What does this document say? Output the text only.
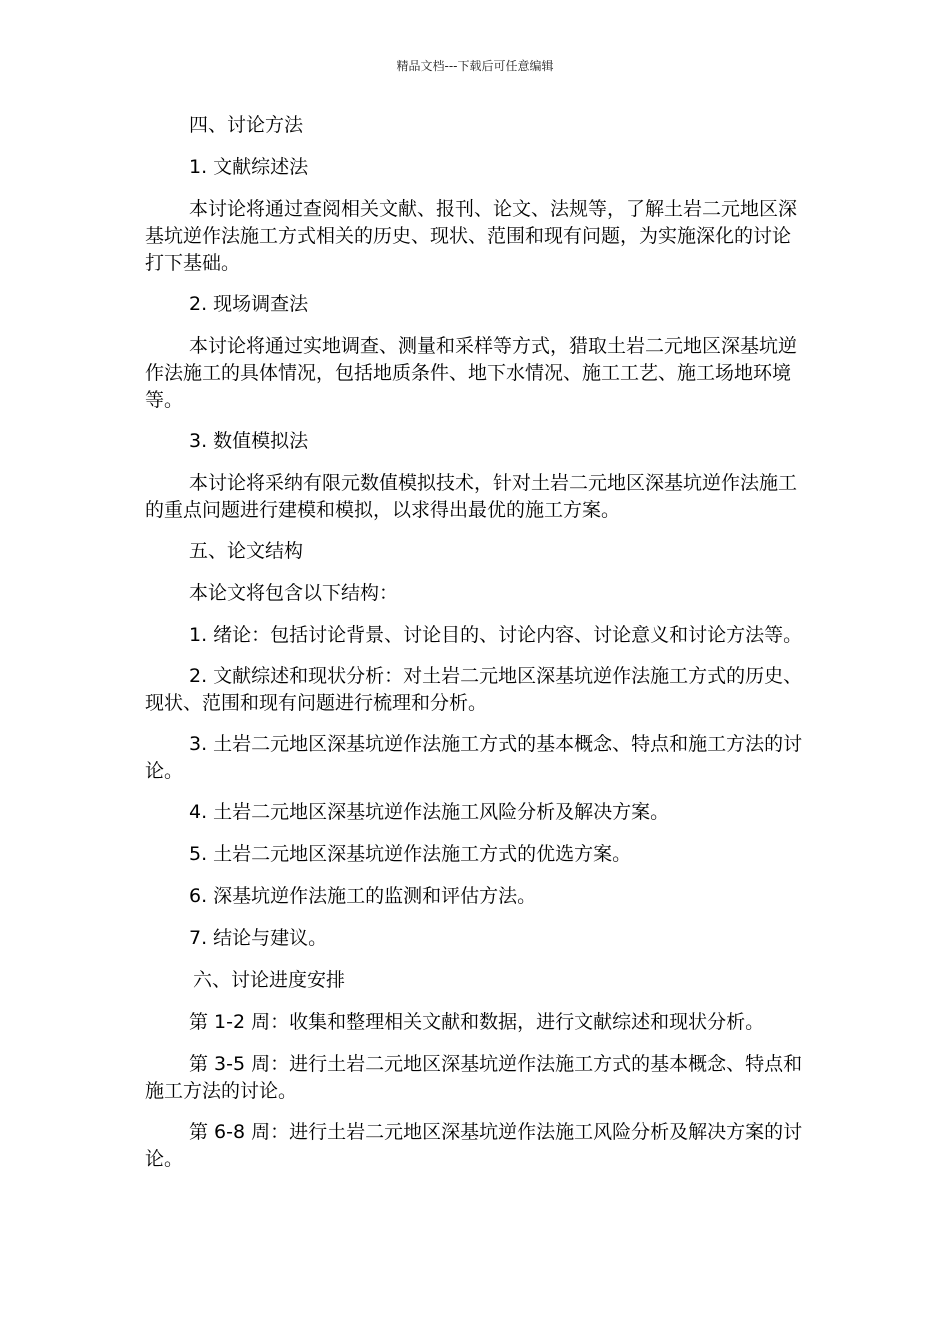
精品文档---下载后可任意编辑

四、讨论方法

1. 文献综述法

本讨论将通过查阅相关文献、报刊、论文、法规等，了解土岩二元地区深基坑逆作法施工方式相关的历史、现状、范围和现有问题，为实施深化的讨论打下基础。

2. 现场调查法

本讨论将通过实地调查、测量和采样等方式，猎取土岩二元地区深基坑逆作法施工的具体情况，包括地质条件、地下水情况、施工工艺、施工场地环境等。

3. 数值模拟法

本讨论将采纳有限元数值模拟技术，针对土岩二元地区深基坑逆作法施工的重点问题进行建模和模拟，以求得出最优的施工方案。

五、论文结构

本论文将包含以下结构：

1. 绪论：包括讨论背景、讨论目的、讨论内容、讨论意义和讨论方法等。

2. 文献综述和现状分析：对土岩二元地区深基坑逆作法施工方式的历史、现状、范围和现有问题进行梳理和分析。

3. 土岩二元地区深基坑逆作法施工方式的基本概念、特点和施工方法的讨论。

4. 土岩二元地区深基坑逆作法施工风险分析及解决方案。

5. 土岩二元地区深基坑逆作法施工方式的优选方案。

6. 深基坑逆作法施工的监测和评估方法。

7. 结论与建议。

六、讨论进度安排

第 1-2 周：收集和整理相关文献和数据，进行文献综述和现状分析。

第 3-5 周：进行土岩二元地区深基坑逆作法施工方式的基本概念、特点和施工方法的讨论。

第 6-8 周：进行土岩二元地区深基坑逆作法施工风险分析及解决方案的讨论。
